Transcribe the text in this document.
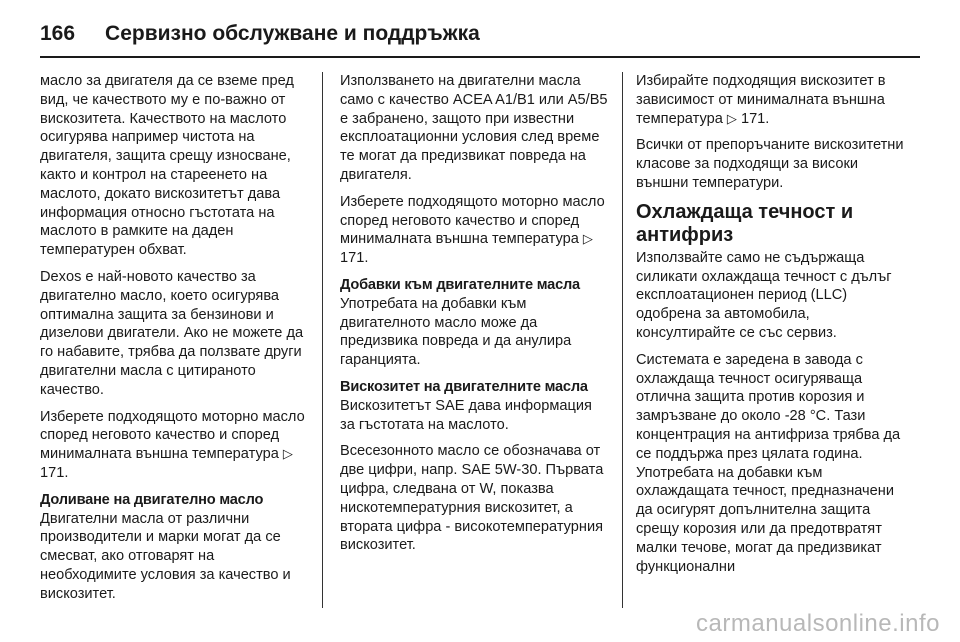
166 Сервизно обслужване и поддръжка

масло за двигателя да се вземе пред вид, че качеството му е по-важно от вискозитета. Качеството на маслото осигурява например чистота на двигателя, защита срещу износване, както и контрол на стареенето на маслото, докато вискозитетът дава информация относно гъстотата на маслото в рамките на даден температурен обхват.

Dexos е най-новото качество за двигателно масло, което осигурява оптимална защита за бензинови и дизелови двигатели. Ако не можете да го набавите, трябва да ползвате други двигателни масла с цитираното качество.

Изберете подходящото моторно масло според неговото качество и според минималната външна температура ▷ 171.

Доливане на двигателно масло

Двигателни масла от различни производители и марки могат да се смесват, ако отговарят на необходимите условия за качество и вискозитет.

Използването на двигателни масла само с качество ACEA A1/B1 или A5/B5 е забранено, защото при известни експлоатационни условия след време те могат да предизвикат повреда на двигателя.

Изберете подходящото моторно масло според неговото качество и според минималната външна температура ▷ 171.

Добавки към двигателните масла

Употребата на добавки към двигателното масло може да предизвика повреда и да анулира гаранцията.

Вискозитет на двигателните масла

Вискозитетът SAE дава информация за гъстотата на маслото.

Всесезонното масло се обозначава от две цифри, напр. SAE 5W-30. Първата цифра, следвана от W, показва нискотемпературния вискозитет, а втората цифра - високотемпературния вискозитет.

Избирайте подходящия вискозитет в зависимост от минималната външна температура ▷ 171.

Всички от препоръчаните вискозитетни класове за подходящи за високи външни температури.

Охлаждаща течност и антифриз

Използвайте само не съдържаща силикати охлаждаща течност с дълъг експлоатационен период (LLC) одобрена за автомобила, консултирайте се със сервиз.

Системата е заредена в завода с охлаждаща течност осигуряваща отлична защита против корозия и замръзване до около -28 °C. Тази концентрация на антифриза трябва да се поддържа през цялата година. Употребата на добавки към охлаждащата течност, предназначени да осигурят допълнителна защита срещу корозия или да предотвратят малки течове, могат да предизвикат функционални

carmanualsonline.info
